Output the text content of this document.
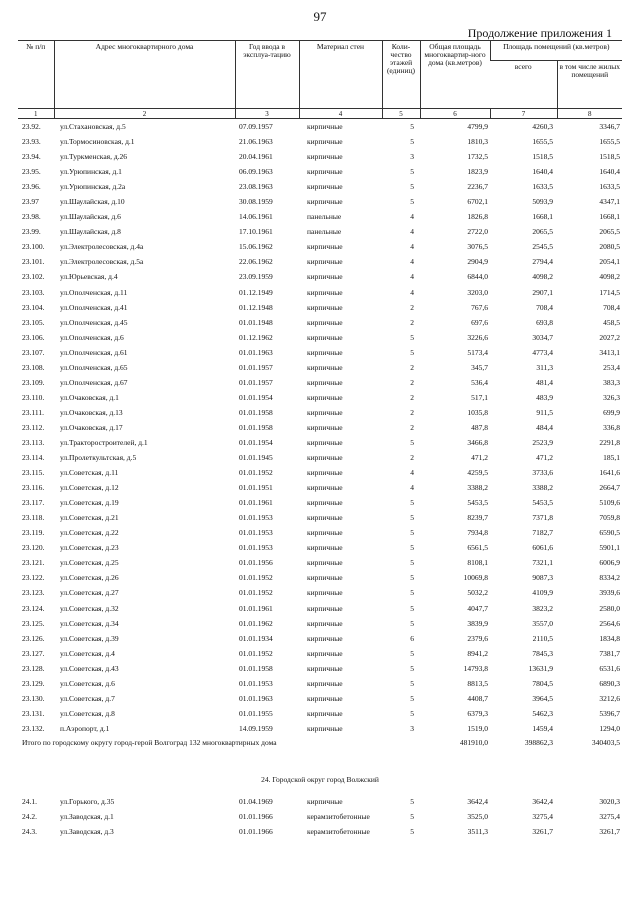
97
Продолжение приложения 1
№ п/п	Адрес многоквартирного дома	Год ввода в эксплуа-тацию	Материал стен	Коли-чество этажей (единиц)	Общая площадь многоквартир-ного дома (кв.метров)	Площадь помещений (кв.метров)	
						всего	в том числе жилых помещений
1	2	3	4	5	6	7	8
23.92.	ул.Стахановская, д.5	07.09.1957	кирпичные	5	4799,9	4260,3	3346,7
23.93.	ул.Тормосиновская, д.1	21.06.1963	кирпичные	5	1810,3	1655,5	1655,5
23.94.	ул.Туркменская, д.26	20.04.1961	кирпичные	3	1732,5	1518,5	1518,5
23.95.	ул.Урюпинская, д.1	06.09.1963	кирпичные	5	1823,9	1640,4	1640,4
23.96.	ул.Урюпинская, д.2а	23.08.1963	кирпичные	5	2236,7	1633,5	1633,5
23.97	ул.Шаулайская, д.10	30.08.1959	кирпичные	5	6702,1	5093,9	4347,1
23.98.	ул.Шаулайская, д.6	14.06.1961	панельные	4	1826,8	1668,1	1668,1
23.99.	ул.Шаулайская, д.8	17.10.1961	панельные	4	2722,0	2065,5	2065,5
23.100.	ул.Электролесовская, д.4а	15.06.1962	кирпичные	4	3076,5	2545,5	2080,5
23.101.	ул.Электролесовская, д.5а	22.06.1962	кирпичные	4	2904,9	2794,4	2054,1
23.102.	ул.Юрьевская, д.4	23.09.1959	кирпичные	4	6844,0	4098,2	4098,2
23.103.	ул.Ополченская, д.11	01.12.1949	кирпичные	4	3203,0	2907,1	1714,5
23.104.	ул.Ополченская, д.41	01.12.1948	кирпичные	2	767,6	708,4	708,4
23.105.	ул.Ополченская, д.45	01.01.1948	кирпичные	2	697,6	693,8	458,5
23.106.	ул.Ополченская, д.6	01.12.1962	кирпичные	5	3226,6	3034,7	2027,2
23.107.	ул.Ополченская, д.61	01.01.1963	кирпичные	5	5173,4	4773,4	3413,1
23.108.	ул.Ополченская, д.65	01.01.1957	кирпичные	2	345,7	311,3	253,4
23.109.	ул.Ополченская, д.67	01.01.1957	кирпичные	2	536,4	481,4	383,3
23.110.	ул.Очаковская, д.1	01.01.1954	кирпичные	2	517,1	483,9	326,3
23.111.	ул.Очаковская, д.13	01.01.1958	кирпичные	2	1035,8	911,5	699,9
23.112.	ул.Очаковская, д.17	01.01.1958	кирпичные	2	487,8	484,4	336,8
23.113.	ул.Тракторостроителей, д.1	01.01.1954	кирпичные	5	3466,8	2523,9	2291,8
23.114.	ул.Пролеткультская, д.5	01.01.1945	кирпичные	2	471,2	471,2	185,1
23.115.	ул.Советская, д.11	01.01.1952	кирпичные	4	4259,5	3733,6	1641,6
23.116.	ул.Советская, д.12	01.01.1951	кирпичные	4	3388,2	3388,2	2664,7
23.117.	ул.Советская, д.19	01.01.1961	кирпичные	5	5453,5	5453,5	5109,6
23.118.	ул.Советская, д.21	01.01.1953	кирпичные	5	8239,7	7371,8	7059,8
23.119.	ул.Советская, д.22	01.01.1953	кирпичные	5	7934,8	7182,7	6590,5
23.120.	ул.Советская, д.23	01.01.1953	кирпичные	5	6561,5	6061,6	5901,1
23.121.	ул.Советская, д.25	01.01.1956	кирпичные	5	8108,1	7321,1	6006,9
23.122.	ул.Советская, д.26	01.01.1952	кирпичные	5	10069,8	9087,3	8334,2
23.123.	ул.Советская, д.27	01.01.1952	кирпичные	5	5032,2	4109,9	3939,6
23.124.	ул.Советская, д.32	01.01.1961	кирпичные	5	4047,7	3823,2	2580,0
23.125.	ул.Советская, д.34	01.01.1962	кирпичные	5	3839,9	3557,0	2564,6
23.126.	ул.Советская, д.39	01.01.1934	кирпичные	6	2379,6	2110,5	1834,8
23.127.	ул.Советская, д.4	01.01.1952	кирпичные	5	8941,2	7845,3	7381,7
23.128.	ул.Советская, д.43	01.01.1958	кирпичные	5	14793,8	13631,9	6531,6
23.129.	ул.Советская, д.6	01.01.1953	кирпичные	5	8813,5	7804,5	6890,3
23.130.	ул.Советская, д.7	01.01.1963	кирпичные	5	4408,7	3964,5	3212,6
23.131.	ул.Советская, д.8	01.01.1955	кирпичные	5	6379,3	5462,3	5396,7
23.132.	п.Аэропорт, д.1	14.09.1959	кирпичные	3	1519,0	1459,4	1294,0
Итого по городскому округу город-герой Волгоград 132 многоквартирных дома					481910,0	398862,3	340403,5
24. Городской округ город Волжский							
24.1.	ул.Горького, д.35	01.04.1969	кирпичные	5	3642,4	3642,4	3020,3
24.2.	ул.Заводская, д.1	01.01.1966	керамзитобетонные	5	3525,0	3275,4	3275,4
24.3.	ул.Заводская, д.3	01.01.1966	керамзитобетонные	5	3511,3	3261,7	3261,7
